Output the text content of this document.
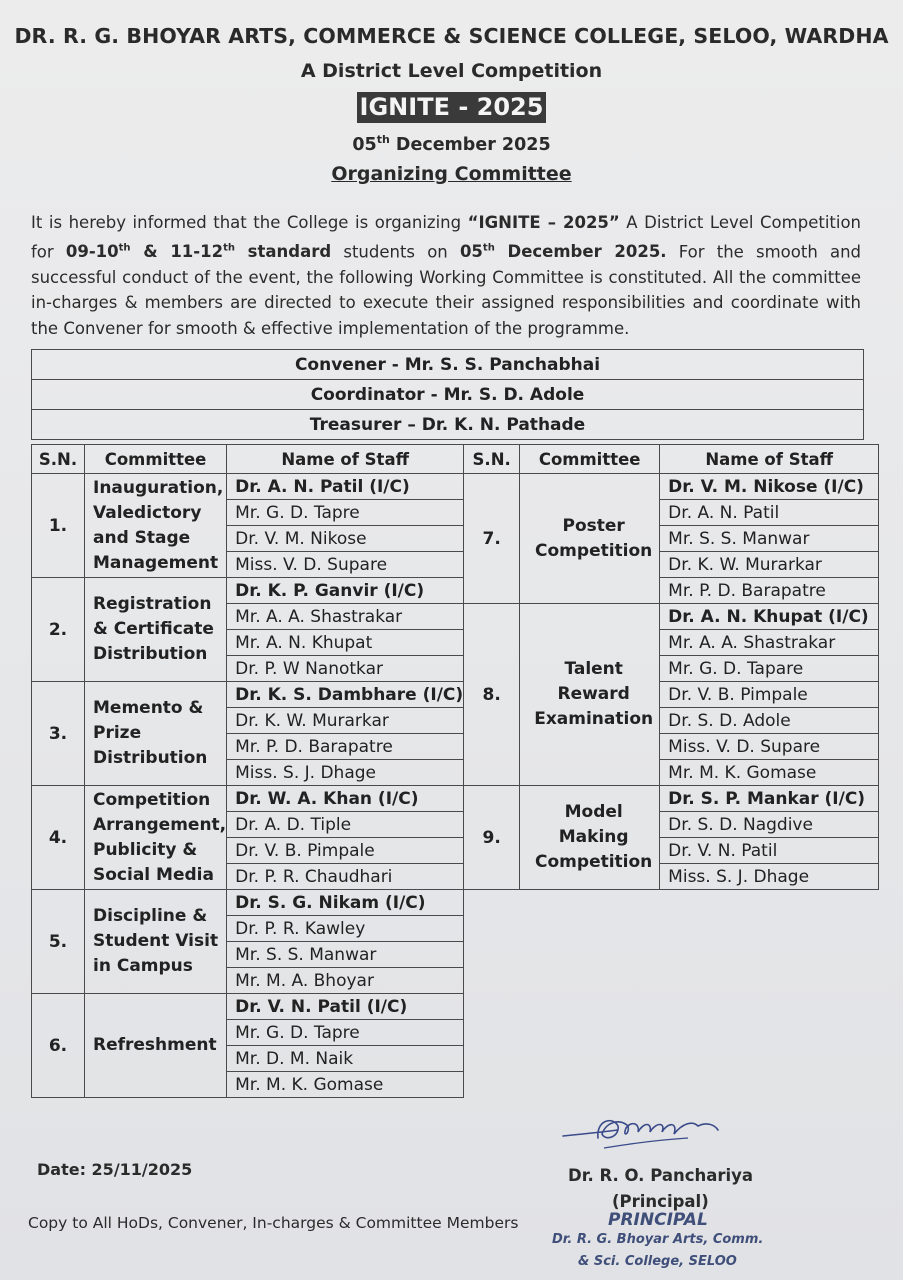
DR. R. G. BHOYAR ARTS, COMMERCE & SCIENCE COLLEGE, SELOO, WARDHA
A District Level Competition
IGNITE - 2025
05th December 2025
Organizing Committee
It is hereby informed that the College is organizing “IGNITE – 2025” A District Level Competition for 09-10th & 11-12th standard students on 05th December 2025. For the smooth and successful conduct of the event, the following Working Committee is constituted. All the committee in-charges & members are directed to execute their assigned responsibilities and coordinate with the Convener for smooth & effective implementation of the programme.
Convener - Mr. S. S. Panchabhai
Coordinator - Mr. S. D. Adole
Treasurer – Dr. K. N. Pathade
S.N.	Committee	Name of Staff	S.N.	Committee	Name of Staff
1.	Inauguration, Valedictory and Stage Management	Dr. A. N. Patil (I/C)	7.	Poster Competition	Dr. V. M. Nikose (I/C)
		Mr. G. D. Tapre			Dr. A. N. Patil
		Dr. V. M. Nikose			Mr. S. S. Manwar
		Miss. V. D. Supare			Dr. K. W. Murarkar
2.	Registration & Certificate Distribution	Dr. K. P. Ganvir (I/C)			Mr. P. D. Barapatre
		Mr. A. A. Shastrakar	8.	Talent Reward Examination	Dr. A. N. Khupat (I/C)
		Mr. A. N. Khupat			Mr. A. A. Shastrakar
		Dr. P. W Nanotkar			Mr. G. D. Tapare
3.	Memento & Prize Distribution	Dr. K. S. Dambhare (I/C)			Dr. V. B. Pimpale
		Dr. K. W. Murarkar			Dr. S. D. Adole
		Mr. P. D. Barapatre			Miss. V. D. Supare
		Miss. S. J. Dhage			Mr. M. K. Gomase
4.	Competition Arrangement, Publicity & Social Media	Dr. W. A. Khan (I/C)	9.	Model Making Competition	Dr. S. P. Mankar (I/C)
		Dr. A. D. Tiple			Dr. S. D. Nagdive
		Dr. V. B. Pimpale			Dr. V. N. Patil
		Dr. P. R. Chaudhari			Miss. S. J. Dhage
5.	Discipline & Student Visit in Campus	Dr. S. G. Nikam (I/C)			
		Dr. P. R. Kawley			
		Mr. S. S. Manwar			
		Mr. M. A. Bhoyar			
6.	Refreshment	Dr. V. N. Patil (I/C)			
		Mr. G. D. Tapre			
		Mr. D. M. Naik			
		Mr. M. K. Gomase			
Date: 25/11/2025
Copy to All HoDs, Convener, In-charges & Committee Members
Dr. R. O. Panchariya
(Principal)
PRINCIPAL
Dr. R. G. Bhoyar Arts, Comm.
& Sci. College, SELOO
